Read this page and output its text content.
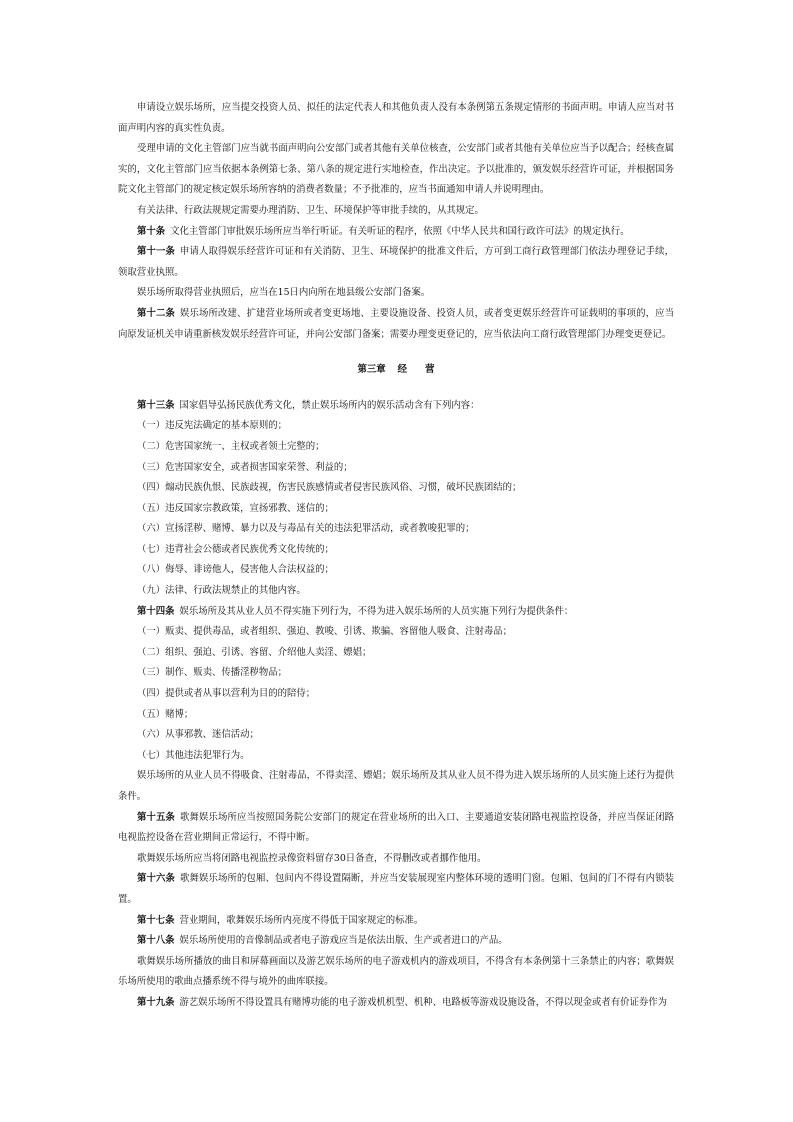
申请设立娱乐场所，应当提交投资人员、拟任的法定代表人和其他负责人没有本条例第五条规定情形的书面声明。申请人应当对书面声明内容的真实性负责。

受理申请的文化主管部门应当就书面声明向公安部门或者其他有关单位核查，公安部门或者其他有关单位应当予以配合；经核查属实的，文化主管部门应当依据本条例第七条、第八条的规定进行实地检查，作出决定。予以批准的，颁发娱乐经营许可证，并根据国务院文化主管部门的规定核定娱乐场所容纳的消费者数量；不予批准的，应当书面通知申请人并说明理由。

有关法律、行政法规规定需要办理消防、卫生、环境保护等审批手续的，从其规定。

第十条 文化主管部门审批娱乐场所应当举行听证。有关听证的程序，依照《中华人民共和国行政许可法》的规定执行。

第十一条 申请人取得娱乐经营许可证和有关消防、卫生、环境保护的批准文件后，方可到工商行政管理部门依法办理登记手续，领取营业执照。

娱乐场所取得营业执照后，应当在15日内向所在地县级公安部门备案。

第十二条 娱乐场所改建、扩建营业场所或者变更场地、主要设施设备、投资人员，或者变更娱乐经营许可证载明的事项的，应当向原发证机关申请重新核发娱乐经营许可证，并向公安部门备案；需要办理变更登记的，应当依法向工商行政管理部门办理变更登记。

第三章 经 营

第十三条 国家倡导弘扬民族优秀文化，禁止娱乐场所内的娱乐活动含有下列内容：

（一）违反宪法确定的基本原则的；

（二）危害国家统一、主权或者领土完整的；

（三）危害国家安全，或者损害国家荣誉、利益的；

（四）煽动民族仇恨、民族歧视，伤害民族感情或者侵害民族风俗、习惯，破坏民族团结的；

（五）违反国家宗教政策，宣扬邪教、迷信的；

（六）宣扬淫秽、赌博、暴力以及与毒品有关的违法犯罪活动，或者教唆犯罪的；

（七）违背社会公德或者民族优秀文化传统的；

（八）侮辱、诽谤他人，侵害他人合法权益的；

（九）法律、行政法规禁止的其他内容。

第十四条 娱乐场所及其从业人员不得实施下列行为，不得为进入娱乐场所的人员实施下列行为提供条件：

（一）贩卖、提供毒品，或者组织、强迫、教唆、引诱、欺骗、容留他人吸食、注射毒品；

（二）组织、强迫、引诱、容留、介绍他人卖淫、嫖娼；

（三）制作、贩卖、传播淫秽物品；

（四）提供或者从事以营利为目的的陪侍；

（五）赌博；

（六）从事邪教、迷信活动；

（七）其他违法犯罪行为。

娱乐场所的从业人员不得吸食、注射毒品，不得卖淫、嫖娼；娱乐场所及其从业人员不得为进入娱乐场所的人员实施上述行为提供条件。

第十五条 歌舞娱乐场所应当按照国务院公安部门的规定在营业场所的出入口、主要通道安装闭路电视监控设备，并应当保证闭路电视监控设备在营业期间正常运行，不得中断。

歌舞娱乐场所应当将闭路电视监控录像资料留存30日备查，不得删改或者挪作他用。

第十六条 歌舞娱乐场所的包厢、包间内不得设置隔断，并应当安装展现室内整体环境的透明门窗。包厢、包间的门不得有内锁装置。

第十七条 营业期间，歌舞娱乐场所内亮度不得低于国家规定的标准。

第十八条 娱乐场所使用的音像制品或者电子游戏应当是依法出版、生产或者进口的产品。

歌舞娱乐场所播放的曲目和屏幕画面以及游艺娱乐场所的电子游戏机内的游戏项目，不得含有本条例第十三条禁止的内容；歌舞娱乐场所使用的歌曲点播系统不得与境外的曲库联接。

第十九条 游艺娱乐场所不得设置具有赌博功能的电子游戏机机型、机种、电路板等游戏设施设备，不得以现金或者有价证券作为
